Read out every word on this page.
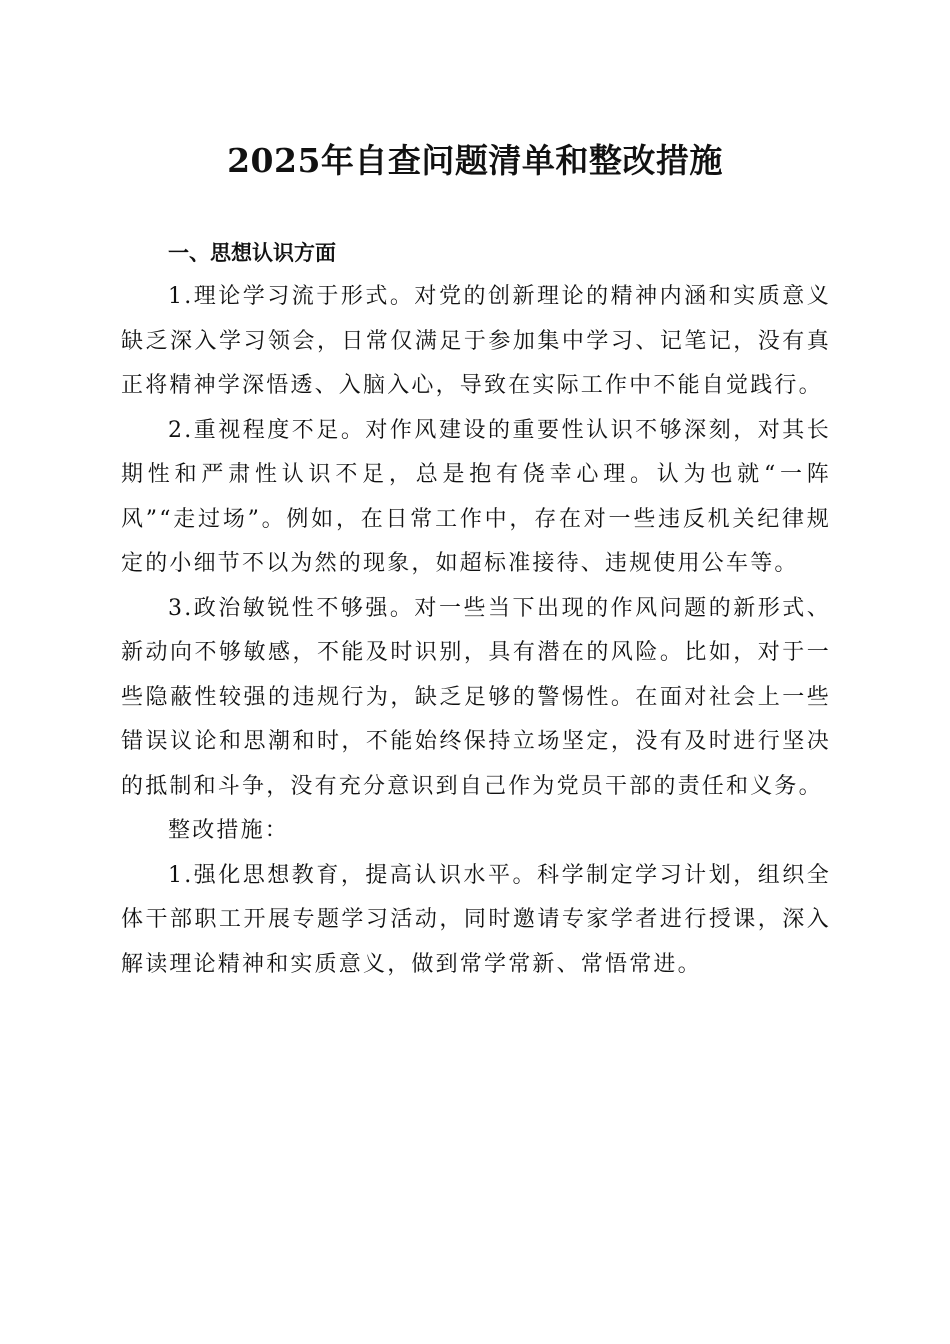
2025年自查问题清单和整改措施
一、思想认识方面

1.理论学习流于形式。对党的创新理论的精神内涵和实质意义缺乏深入学习领会，日常仅满足于参加集中学习、记笔记，没有真正将精神学深悟透、入脑入心，导致在实际工作中不能自觉践行。

2.重视程度不足。对作风建设的重要性认识不够深刻，对其长期性和严肃性认识不足，总是抱有侥幸心理。认为也就“一阵风”“走过场”。例如，在日常工作中，存在对一些违反机关纪律规定的小细节不以为然的现象，如超标准接待、违规使用公车等。

3.政治敏锐性不够强。对一些当下出现的作风问题的新形式、新动向不够敏感，不能及时识别，具有潜在的风险。比如，对于一些隐蔽性较强的违规行为，缺乏足够的警惕性。在面对社会上一些错误议论和思潮和时，不能始终保持立场坚定，没有及时进行坚决的抵制和斗争，没有充分意识到自己作为党员干部的责任和义务。

整改措施：

1.强化思想教育，提高认识水平。科学制定学习计划，组织全体干部职工开展专题学习活动，同时邀请专家学者进行授课，深入解读理论精神和实质意义，做到常学常新、常悟常进。
